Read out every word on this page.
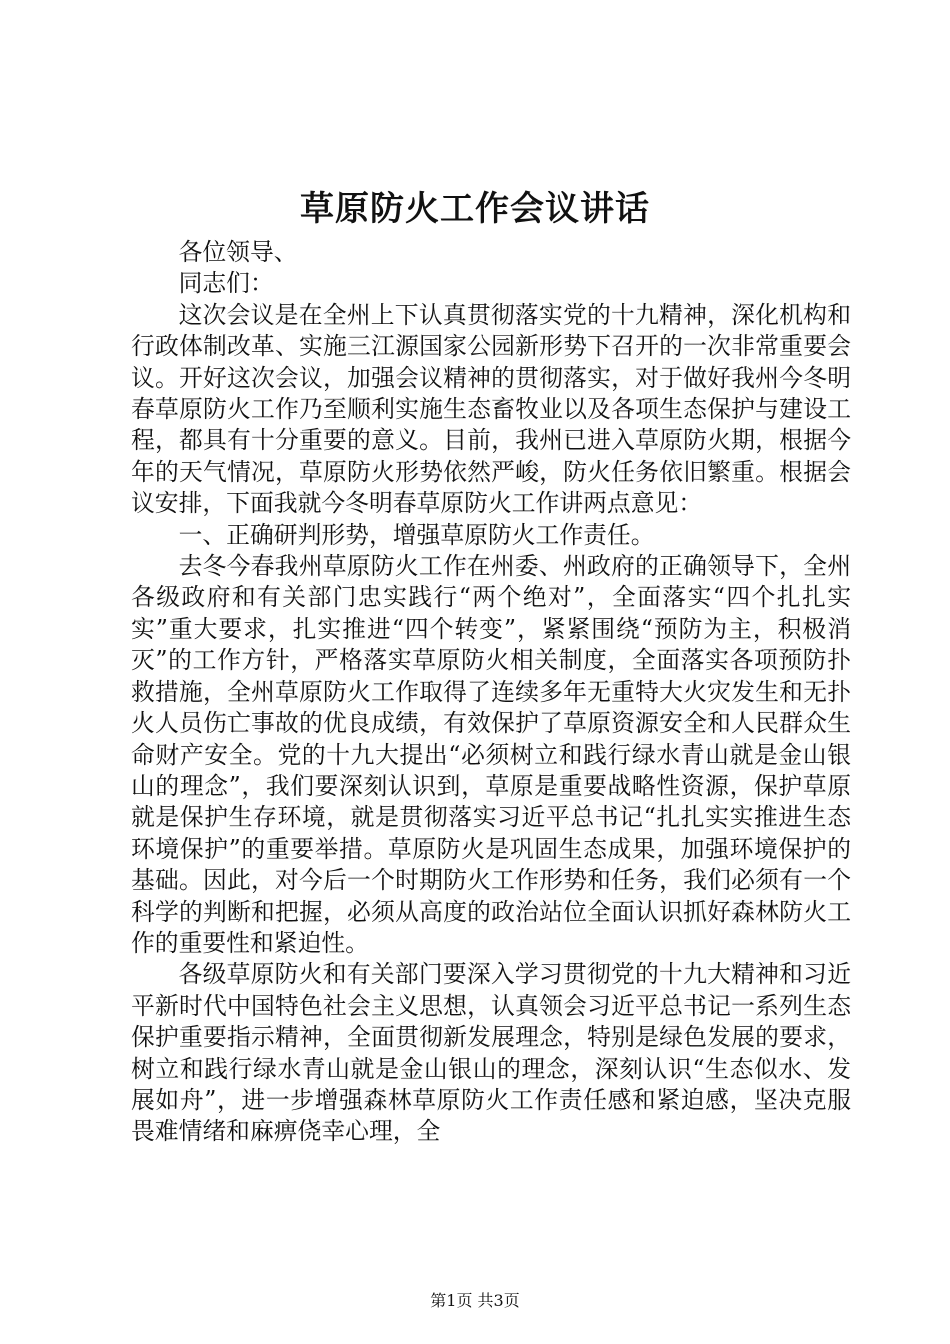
草原防火工作会议讲话

各位领导、

同志们：

这次会议是在全州上下认真贯彻落实党的十九精神，深化机构和行政体制改革、实施三江源国家公园新形势下召开的一次非常重要会议。开好这次会议，加强会议精神的贯彻落实，对于做好我州今冬明春草原防火工作乃至顺利实施生态畜牧业以及各项生态保护与建设工程，都具有十分重要的意义。目前，我州已进入草原防火期，根据今年的天气情况，草原防火形势依然严峻，防火任务依旧繁重。根据会议安排，下面我就今冬明春草原防火工作讲两点意见：

一、正确研判形势，增强草原防火工作责任。

去冬今春我州草原防火工作在州委、州政府的正确领导下，全州各级政府和有关部门忠实践行“两个绝对”，全面落实“四个扎扎实实”重大要求，扎实推进“四个转变”，紧紧围绕“预防为主，积极消灭”的工作方针，严格落实草原防火相关制度，全面落实各项预防扑救措施，全州草原防火工作取得了连续多年无重特大火灾发生和无扑火人员伤亡事故的优良成绩，有效保护了草原资源安全和人民群众生命财产安全。党的十九大提出“必须树立和践行绿水青山就是金山银山的理念”，我们要深刻认识到，草原是重要战略性资源，保护草原就是保护生存环境，就是贯彻落实习近平总书记“扎扎实实推进生态环境保护”的重要举措。草原防火是巩固生态成果，加强环境保护的基础。因此，对今后一个时期防火工作形势和任务，我们必须有一个科学的判断和把握，必须从高度的政治站位全面认识抓好森林防火工作的重要性和紧迫性。

各级草原防火和有关部门要深入学习贯彻党的十九大精神和习近平新时代中国特色社会主义思想，认真领会习近平总书记一系列生态保护重要指示精神，全面贯彻新发展理念，特别是绿色发展的要求，树立和践行绿水青山就是金山银山的理念，深刻认识“生态似水、发展如舟”，进一步增强森林草原防火工作责任感和紧迫感，坚决克服畏难情绪和麻痹侥幸心理，全

第1页 共3页
